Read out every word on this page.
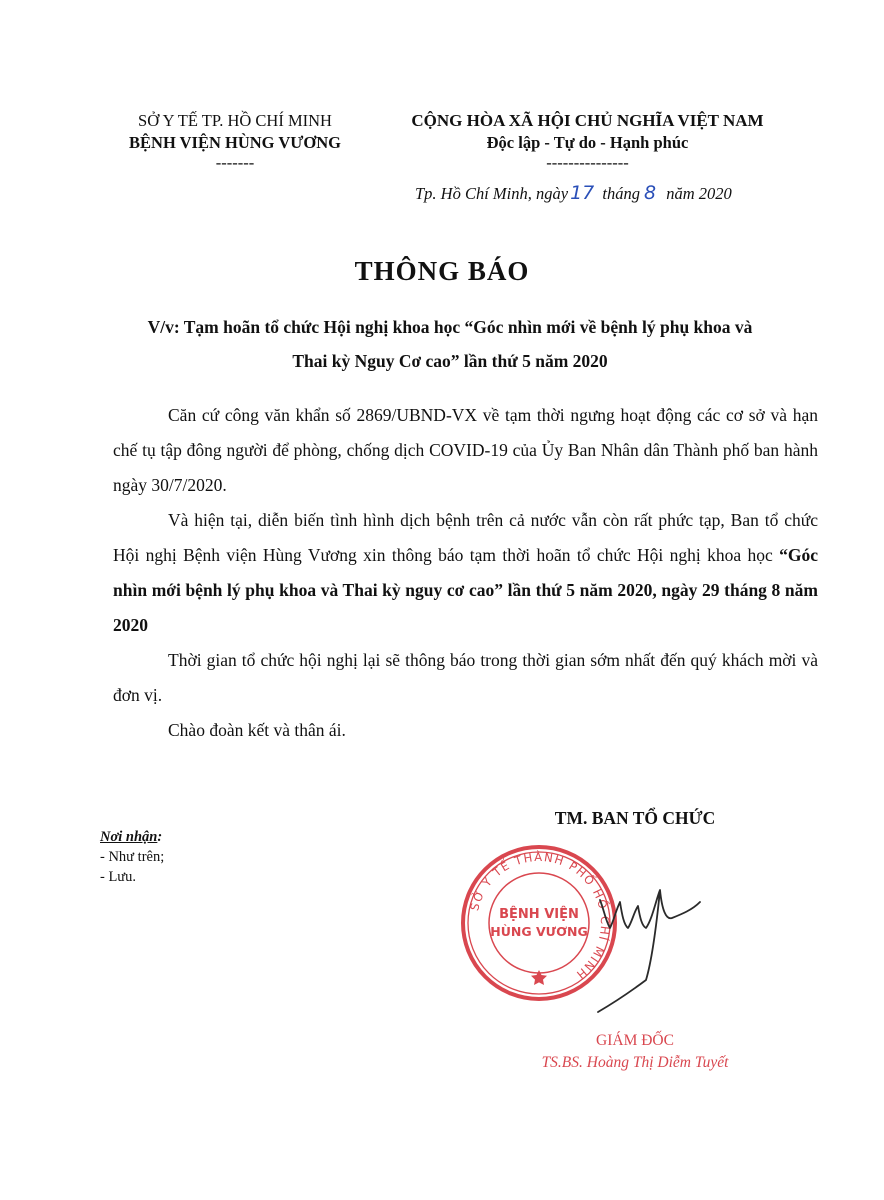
SỞ Y TẾ TP. HỒ CHÍ MINH
BỆNH VIỆN HÙNG VƯƠNG
-------
CỘNG HÒA XÃ HỘI CHỦ NGHĨA VIỆT NAM
Độc lập - Tự do - Hạnh phúc
---------------
Tp. Hồ Chí Minh, ngày 17 tháng 8 năm 2020
THÔNG BÁO
V/v: Tạm hoãn tổ chức Hội nghị khoa học “Góc nhìn mới về bệnh lý phụ khoa và
Thai kỳ Nguy Cơ cao” lần thứ 5 năm 2020
Căn cứ công văn khẩn số 2869/UBND-VX về tạm thời ngưng hoạt động các cơ sở và hạn chế tụ tập đông người để phòng, chống dịch COVID-19 của Ủy Ban Nhân dân Thành phố ban hành ngày 30/7/2020.
Và hiện tại, diễn biến tình hình dịch bệnh trên cả nước vẫn còn rất phức tạp, Ban tổ chức Hội nghị Bệnh viện Hùng Vương xin thông báo tạm thời hoãn tổ chức Hội nghị khoa học “Góc nhìn mới bệnh lý phụ khoa và Thai kỳ nguy cơ cao” lần thứ 5 năm 2020, ngày 29 tháng 8 năm 2020
Thời gian tổ chức hội nghị lại sẽ thông báo trong thời gian sớm nhất đến quý khách mời và đơn vị.
Chào đoàn kết và thân ái.
Nơi nhận:
- Như trên;
- Lưu.
TM. BAN TỔ CHỨC
SỞ Y TẾ THÀNH PHỐ HỒ CHÍ MINH
BỆNH VIỆN
HÙNG VƯƠNG
GIÁM ĐỐC
TS.BS. Hoàng Thị Diễm Tuyết
